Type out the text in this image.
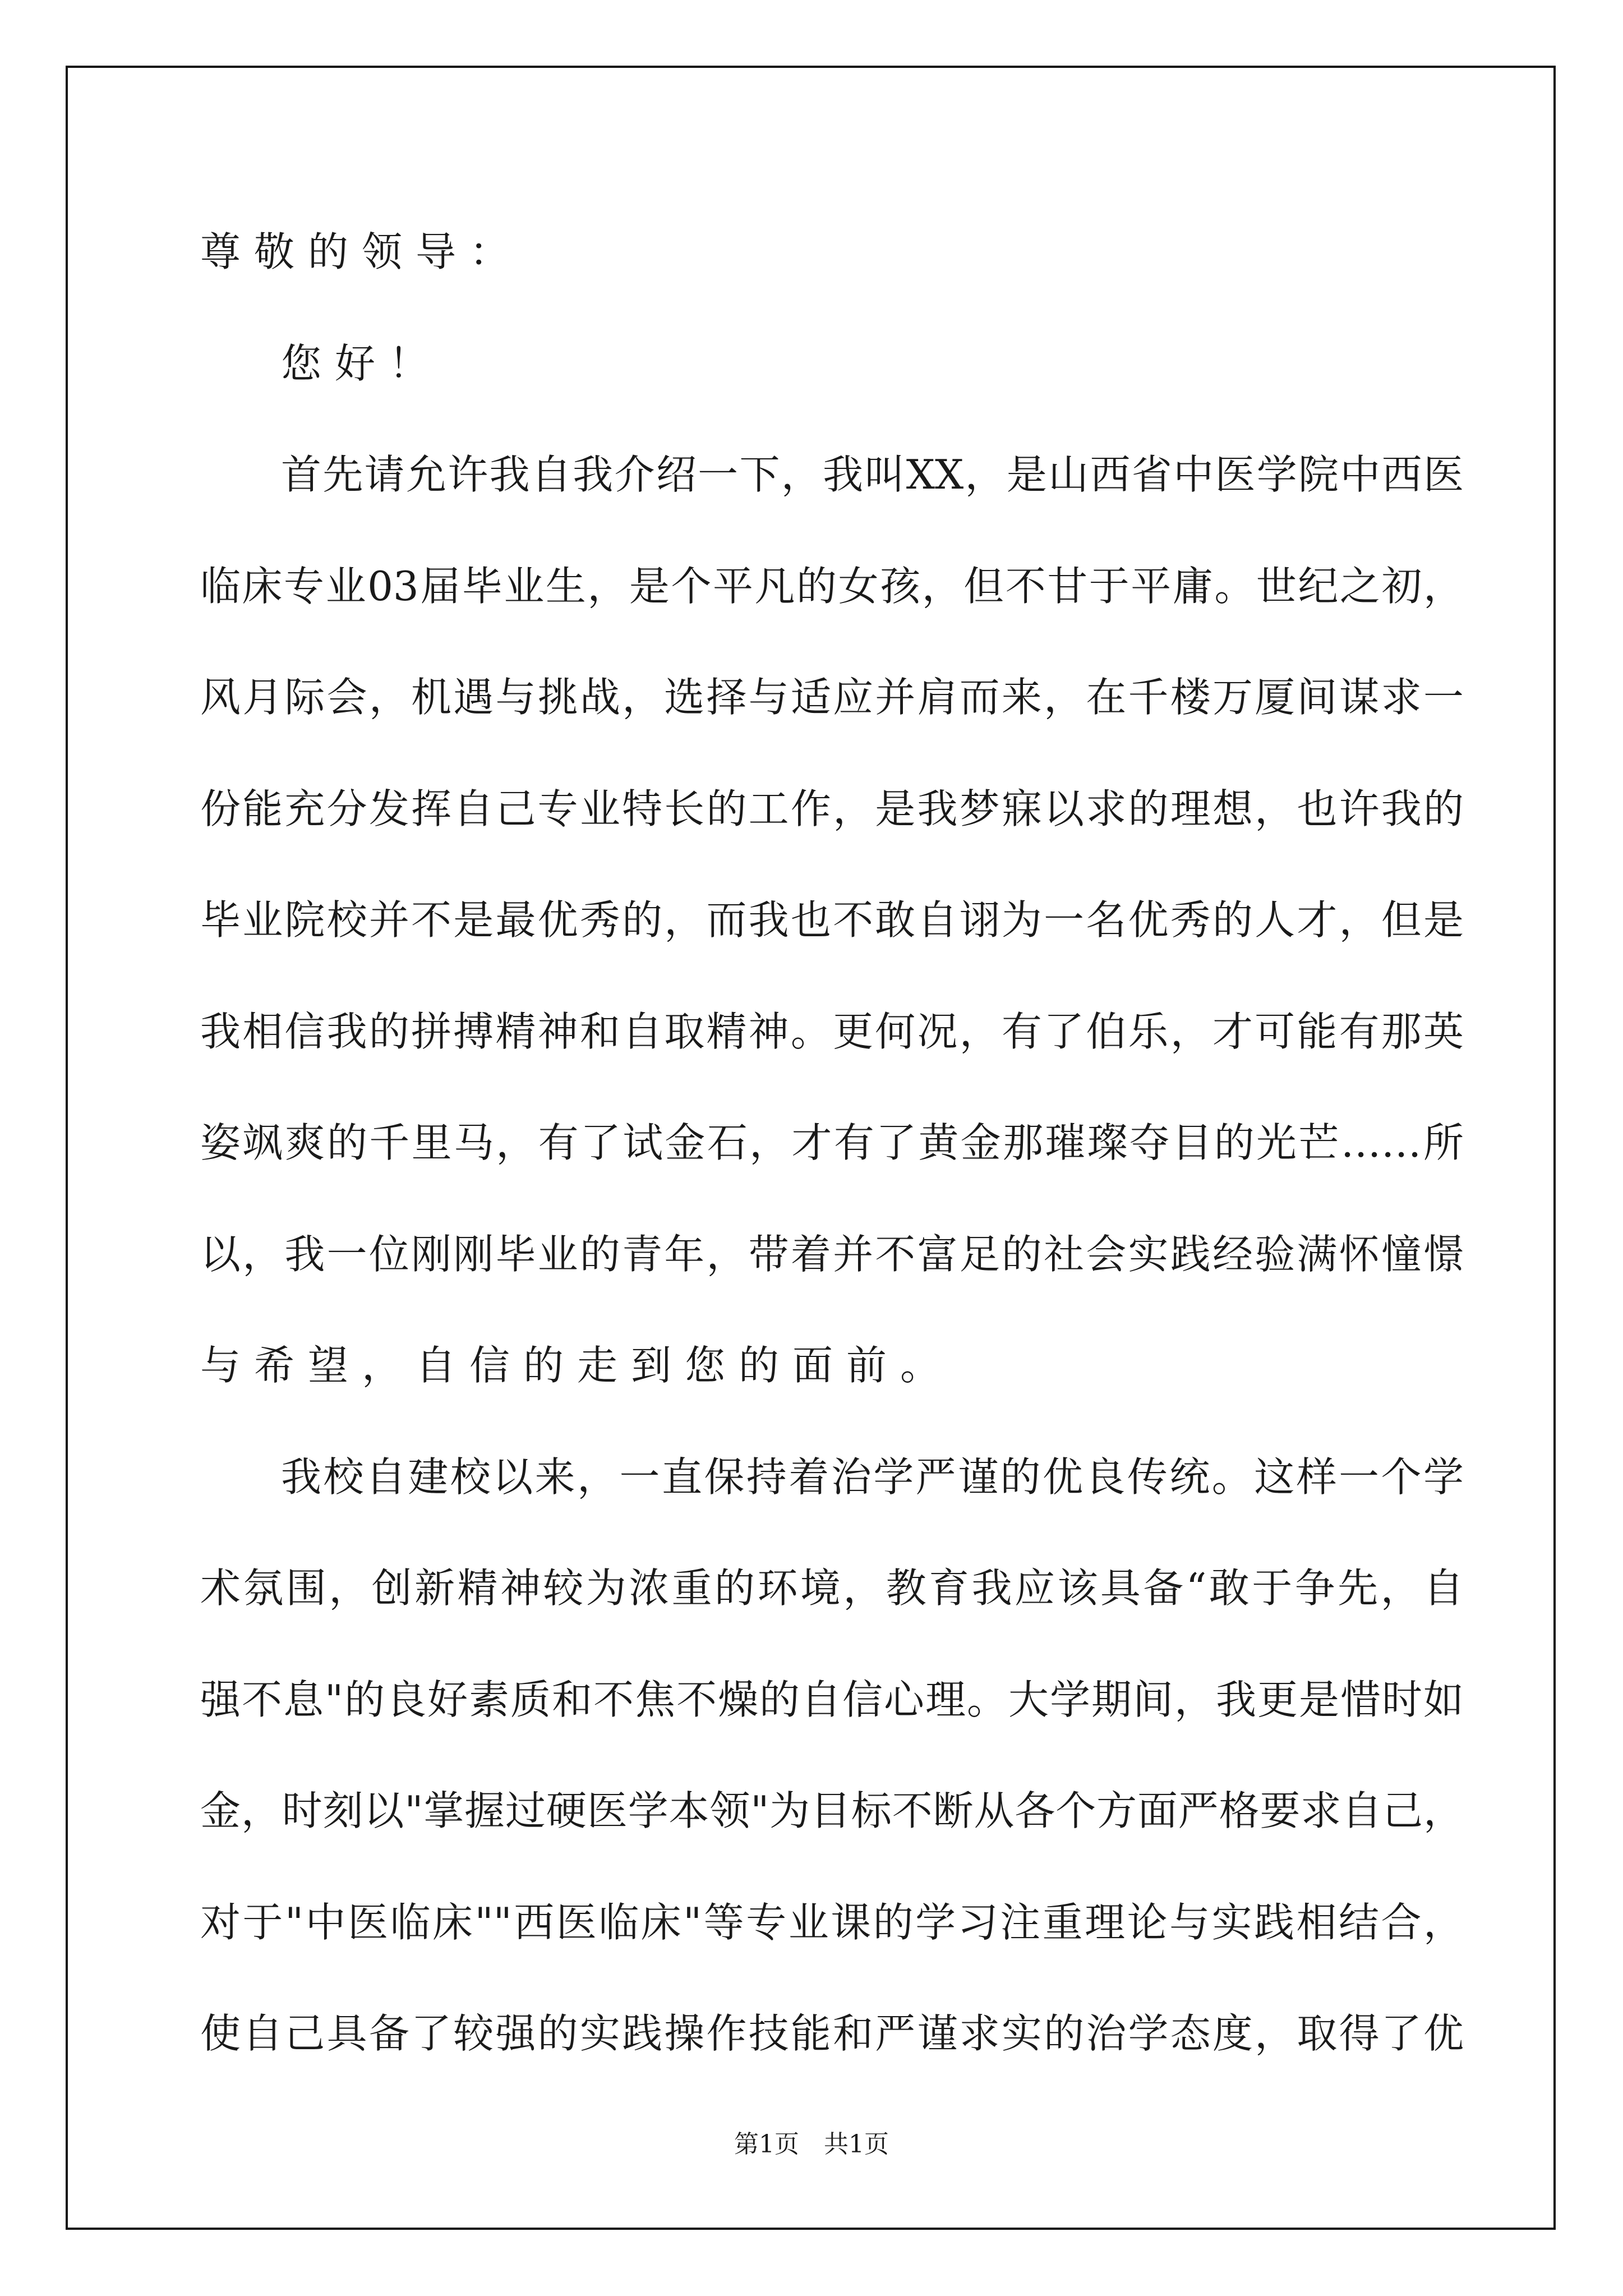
尊敬的领导：
您好！
首先请允许我自我介绍一下，我叫XX，是山西省中医学院中西医
临床专业03届毕业生，是个平凡的女孩，但不甘于平庸。世纪之初，
风月际会，机遇与挑战，选择与适应并肩而来，在千楼万厦间谋求一
份能充分发挥自己专业特长的工作，是我梦寐以求的理想，也许我的
毕业院校并不是最优秀的，而我也不敢自诩为一名优秀的人才，但是
我相信我的拼搏精神和自取精神。更何况，有了伯乐，才可能有那英
姿飒爽的千里马，有了试金石，才有了黄金那璀璨夺目的光芒……所
以，我一位刚刚毕业的青年，带着并不富足的社会实践经验满怀憧憬
与希望，自信的走到您的面前。
我校自建校以来，一直保持着治学严谨的优良传统。这样一个学
术氛围，创新精神较为浓重的环境，教育我应该具备“敢于争先，自
强不息"的良好素质和不焦不燥的自信心理。大学期间，我更是惜时如
金，时刻以"掌握过硬医学本领"为目标不断从各个方面严格要求自己，
对于"中医临床""西医临床"等专业课的学习注重理论与实践相结合，
使自己具备了较强的实践操作技能和严谨求实的治学态度，取得了优
第1页　共1页
